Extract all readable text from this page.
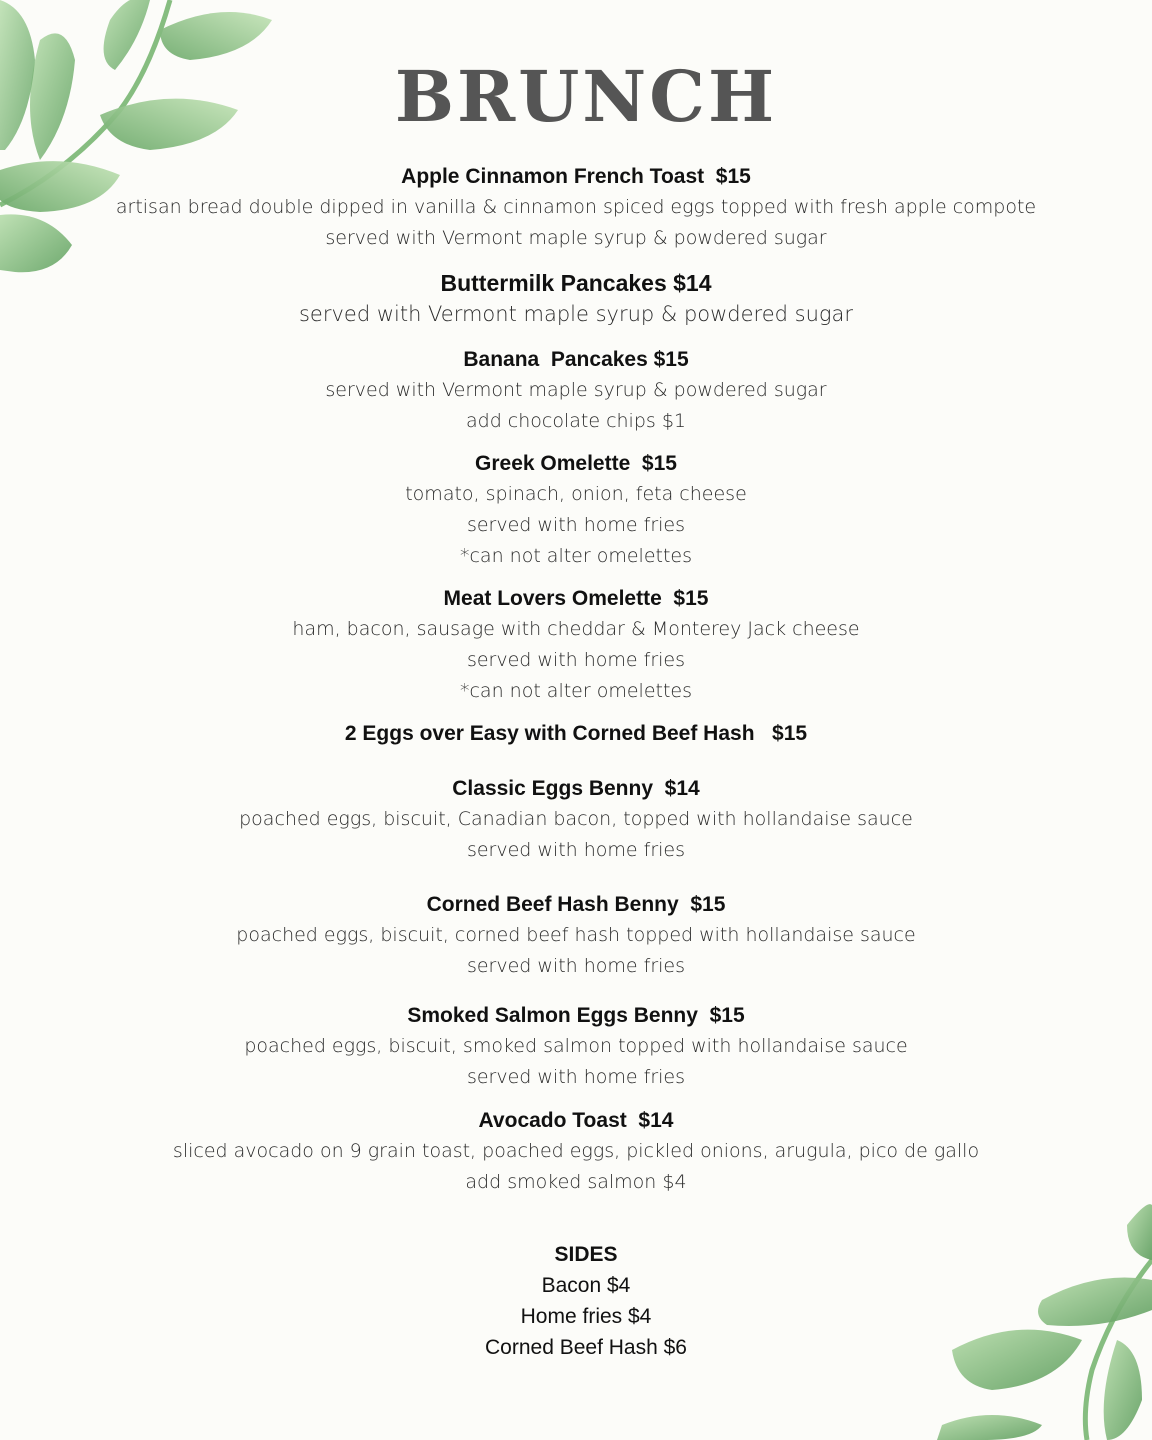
BRUNCH
Apple Cinnamon French Toast  $15
artisan bread double dipped in vanilla & cinnamon spiced eggs topped with fresh apple compote
served with Vermont maple syrup & powdered sugar
Buttermilk Pancakes $14
served with Vermont maple syrup & powdered sugar
Banana  Pancakes $15
served with Vermont maple syrup & powdered sugar
add chocolate chips $1
Greek Omelette  $15
tomato, spinach, onion, feta cheese
served with home fries
*can not alter omelettes
Meat Lovers Omelette  $15
ham, bacon, sausage with cheddar & Monterey Jack cheese
served with home fries
*can not alter omelettes
2 Eggs over Easy with Corned Beef Hash   $15
Classic Eggs Benny  $14
poached eggs, biscuit, Canadian bacon, topped with hollandaise sauce
served with home fries
Corned Beef Hash Benny  $15
poached eggs, biscuit, corned beef hash topped with hollandaise sauce
served with home fries
Smoked Salmon Eggs Benny  $15
poached eggs, biscuit, smoked salmon topped with hollandaise sauce
served with home fries
Avocado Toast  $14
sliced avocado on 9 grain toast, poached eggs, pickled onions, arugula, pico de gallo
add smoked salmon $4
SIDES
Bacon $4
Home fries $4
Corned Beef Hash $6
